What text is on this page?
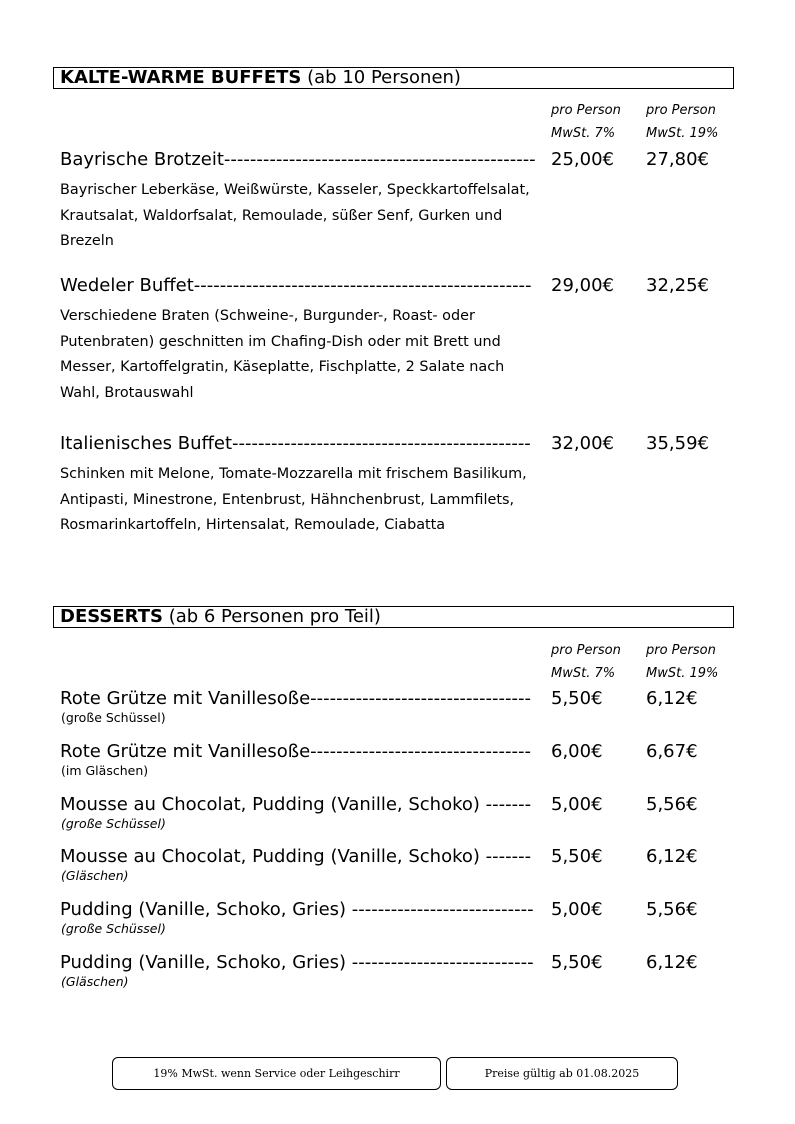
KALTE-WARME BUFFETS (ab 10 Personen)
pro Person
MwSt. 7%
pro Person
MwSt. 19%
Bayrische Brotzeit------------------------------------------------ 25,00€ 27,80€
Bayrischer Leberkäse, Weißwürste, Kasseler, Speckkartoffelsalat,
Krautsalat, Waldorfsalat, Remoulade, süßer Senf, Gurken und
Brezeln
Wedeler Buffet---------------------------------------------------- 29,00€ 32,25€
Verschiedene Braten (Schweine-, Burgunder-, Roast- oder
Putenbraten) geschnitten im Chafing-Dish oder mit Brett und
Messer, Kartoffelgratin, Käseplatte, Fischplatte, 2 Salate nach
Wahl, Brotauswahl
Italienisches Buffet---------------------------------------------- 32,00€ 35,59€
Schinken mit Melone, Tomate-Mozzarella mit frischem Basilikum,
Antipasti, Minestrone, Entenbrust, Hähnchenbrust, Lammfilets,
Rosmarinkartoffeln, Hirtensalat, Remoulade, Ciabatta
DESSERTS (ab 6 Personen pro Teil)
pro Person
MwSt. 7%
pro Person
MwSt. 19%
Rote Grütze mit Vanillesoße---------------------------------- 5,50€ 6,12€
(große Schüssel)
Rote Grütze mit Vanillesoße---------------------------------- 6,00€ 6,67€
(im Gläschen)
Mousse au Chocolat, Pudding (Vanille, Schoko) ------- 5,00€ 5,56€
(große Schüssel)
Mousse au Chocolat, Pudding (Vanille, Schoko) ------- 5,50€ 6,12€
(Gläschen)
Pudding (Vanille, Schoko, Gries) ---------------------------- 5,00€ 5,56€
(große Schüssel)
Pudding (Vanille, Schoko, Gries) ---------------------------- 5,50€ 6,12€
(Gläschen)
19% MwSt. wenn Service oder Leihgeschirr	Preise gültig ab 01.08.2025
